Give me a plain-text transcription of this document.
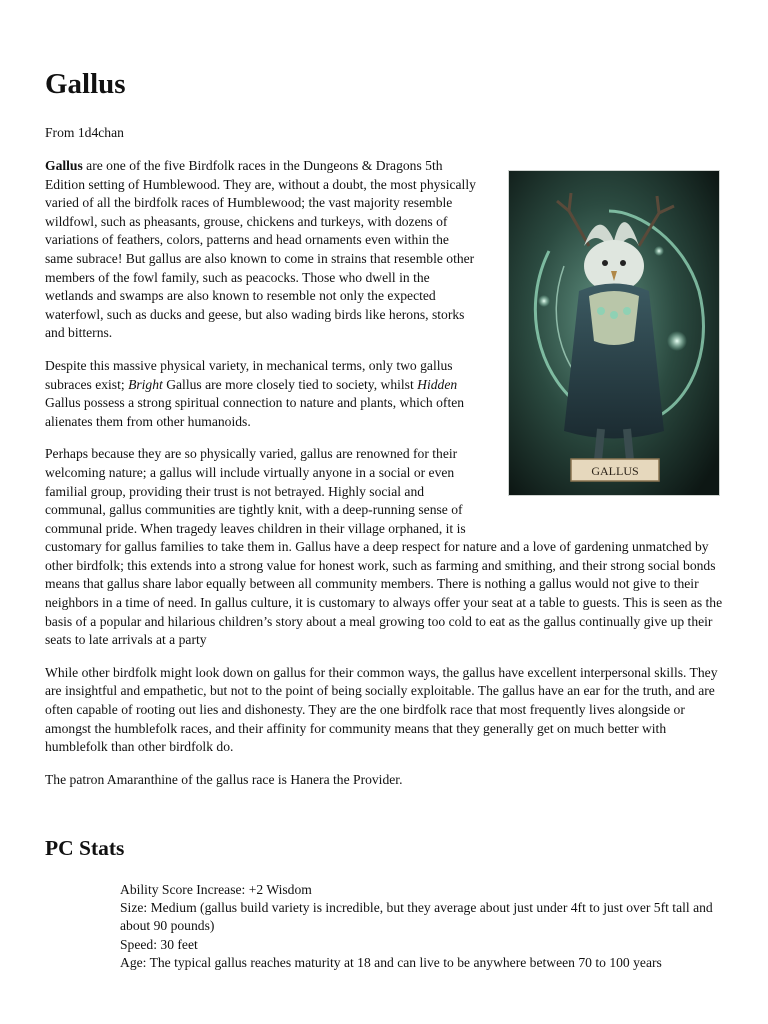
Gallus

From 1d4chan

GALLUS

Gallus are one of the five Birdfolk races in the Dungeons & Dragons 5th Edition setting of Humblewood. They are, without a doubt, the most physically varied of all the birdfolk races of Humblewood; the vast majority resemble wildfowl, such as pheasants, grouse, chickens and turkeys, with dozens of variations of feathers, colors, patterns and head ornaments even within the same subrace! But gallus are also known to come in strains that resemble other members of the fowl family, such as peacocks. Those who dwell in the wetlands and swamps are also known to resemble not only the expected waterfowl, such as ducks and geese, but also wading birds like herons, storks and bitterns.

Despite this massive physical variety, in mechanical terms, only two gallus subraces exist; Bright Gallus are more closely tied to society, whilst Hidden Gallus possess a strong spiritual connection to nature and plants, which often alienates them from other humanoids.

Perhaps because they are so physically varied, gallus are renowned for their welcoming nature; a gallus will include virtually anyone in a social or even familial group, providing their trust is not betrayed. Highly social and communal, gallus communities are tightly knit, with a deep-running sense of communal pride. When tragedy leaves children in their village orphaned, it is customary for gallus families to take them in. Gallus have a deep respect for nature and a love of gardening unmatched by other birdfolk; this extends into a strong value for honest work, such as farming and smithing, and their strong social bonds means that gallus share labor equally between all community members. There is nothing a gallus would not give to their neighbors in a time of need. In gallus culture, it is customary to always offer your seat at a table to guests. This is seen as the basis of a popular and hilarious children’s story about a meal growing too cold to eat as the gallus continually give up their seats to late arrivals at a party

While other birdfolk might look down on gallus for their common ways, the gallus have excellent interpersonal skills. They are insightful and empathetic, but not to the point of being socially exploitable. The gallus have an ear for the truth, and are often capable of rooting out lies and dishonesty. They are the one birdfolk race that most frequently lives alongside or amongst the humblefolk races, and their affinity for community means that they generally get on much better with humblefolk than other birdfolk do.

The patron Amaranthine of the gallus race is Hanera the Provider.

PC Stats
Ability Score Increase: +2 Wisdom
Size: Medium (gallus build variety is incredible, but they average about just under 4ft to just over 5ft tall and about 90 pounds)
Speed: 30 feet
Age: The typical gallus reaches maturity at 18 and can live to be anywhere between 70 to 100 years
